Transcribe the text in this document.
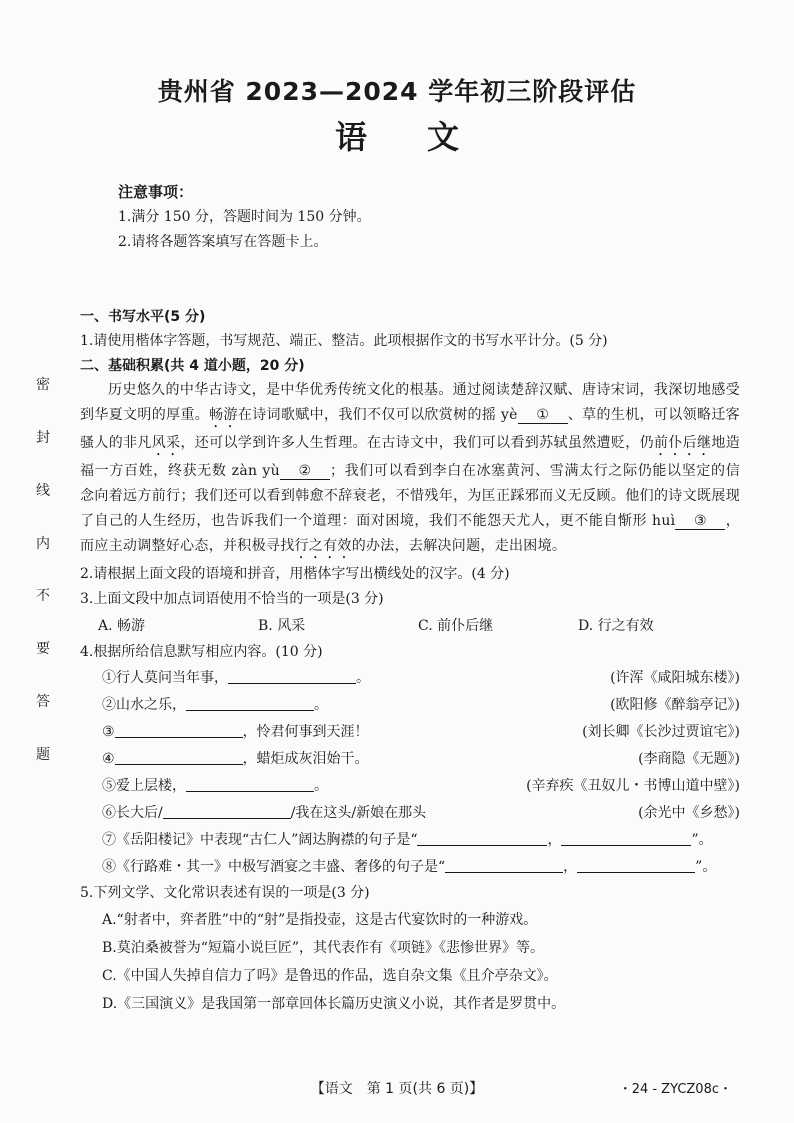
贵州省 2023—2024 学年初三阶段评估
语文
注意事项：
1.满分 150 分，答题时间为 150 分钟。
2.请将各题答案填写在答题卡上。
密
封
线
内
不
要
答
题
一、书写水平(5 分)
1.请使用楷体字答题，书写规范、端正、整洁。此项根据作文的书写水平计分。(5 分)
二、基础积累(共 4 道小题，20 分)
历史悠久的中华古诗文，是中华优秀传统文化的根基。通过阅读楚辞汉赋、唐诗宋词，我深切地感受到华夏文明的厚重。畅游在诗词歌赋中，我们不仅可以欣赏树的摇 yè ① 、草的生机，可以领略迁客骚人的非凡风采，还可以学到许多人生哲理。在古诗文中，我们可以看到苏轼虽然遭贬，仍前仆后继地造福一方百姓，终获无数 zàn yù ② ；我们可以看到李白在冰塞黄河、雪满太行之际仍能以坚定的信念向着远方前行；我们还可以看到韩愈不辞衰老，不惜残年，为匡正踩邪而义无反顾。他们的诗文既展现了自己的人生经历，也告诉我们一个道理：面对困境，我们不能怨天尤人，更不能自惭形 huì ③ ，而应主动调整好心态，并积极寻找行之有效的办法，去解决问题，走出困境。
2.请根据上面文段的语境和拼音，用楷体字写出横线处的汉字。(4 分)
3.上面文段中加点词语使用不恰当的一项是(3 分)
A. 畅游	B. 风采	C. 前仆后继	D. 行之有效
4.根据所给信息默写相应内容。(10 分)
①行人莫问当年事，	。	(许浑《咸阳城东楼》)
②山水之乐，	。	(欧阳修《醉翁亭记》)
③	，怜君何事到天涯！	(刘长卿《长沙过贾谊宅》)
④	，蜡炬成灰泪始干。	(李商隐《无题》)
⑤爱上层楼，	。	(辛弃疾《丑奴儿・书博山道中壁》)
⑥长大后/	/我在这头/新娘在那头	(余光中《乡愁》)
⑦《岳阳楼记》中表现“古仁人”阔达胸襟的句子是“	，	”。
⑧《行路难・其一》中极写酒宴之丰盛、奢侈的句子是“	，	”。
5.下列文学、文化常识表述有误的一项是(3 分)
A.“射者中，弈者胜”中的“射”是指投壶，这是古代宴饮时的一种游戏。
B.莫泊桑被誉为“短篇小说巨匠”，其代表作有《项链》《悲惨世界》等。
C.《中国人失掉自信力了吗》是鲁迅的作品，选自杂文集《且介亭杂文》。
D.《三国演义》是我国第一部章回体长篇历史演义小说，其作者是罗贯中。
【语文　第 1 页(共 6 页)】	・24 - ZYCZ08c・
